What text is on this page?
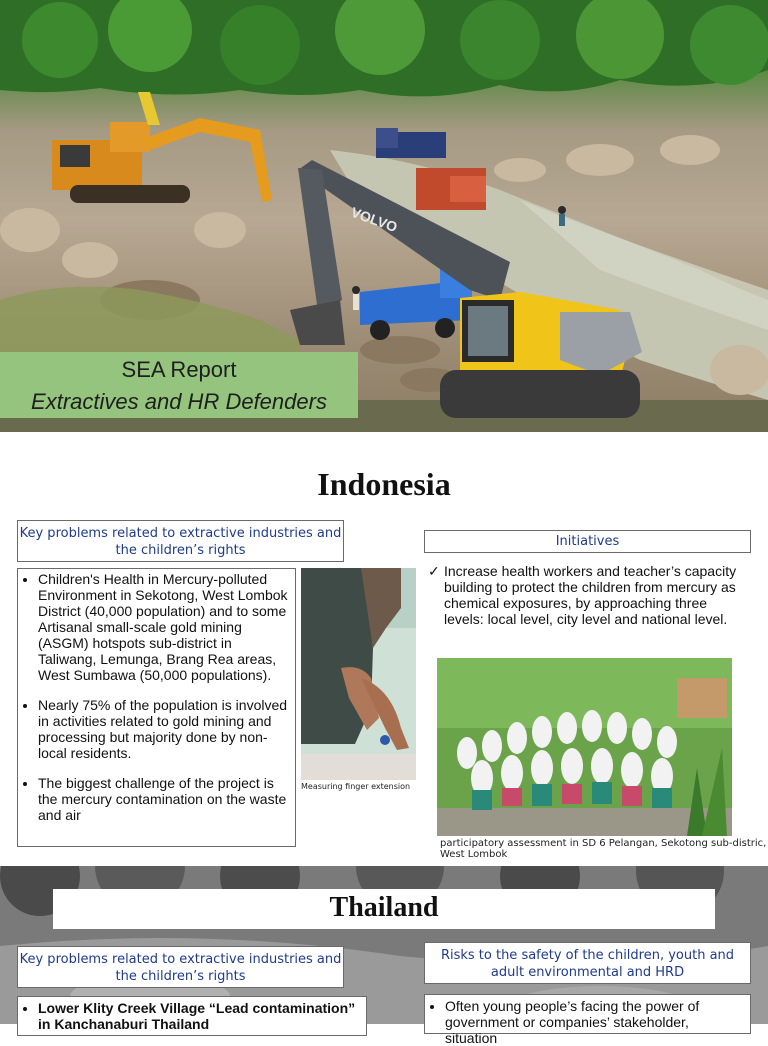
VOLVO
SEA Report
Extractives and HR Defenders
Indonesia
Key problems related to extractive industries and the children’s rights
• Children's Health in Mercury-polluted Environment in Sekotong, West Lombok District (40,000 population) and to some Artisanal small-scale gold mining (ASGM) hotspots sub-district in Taliwang, Lemunga, Brang Rea areas, West Sumbawa (50,000 populations).
• Nearly 75% of the population is involved in activities related to gold mining and processing but majority done by non-local residents.
• The biggest challenge of the project is the mercury contamination on the waste and air
Measuring finger extension
Initiatives
✓ Increase health workers and teacher’s capacity building to protect the children from mercury as chemical exposures, by approaching three levels: local level, city level and national level.
participatory assessment in SD 6 Pelangan, Sekotong sub-distric, West Lombok
Thailand
Key problems related to extractive industries and the children’s rights
Risks to the safety of the children, youth and adult environmental and HRD
• Lower Klity Creek Village “Lead contamination” in Kanchanaburi Thailand
• Often young people’s facing the power of government or companies’ stakeholder, situation
